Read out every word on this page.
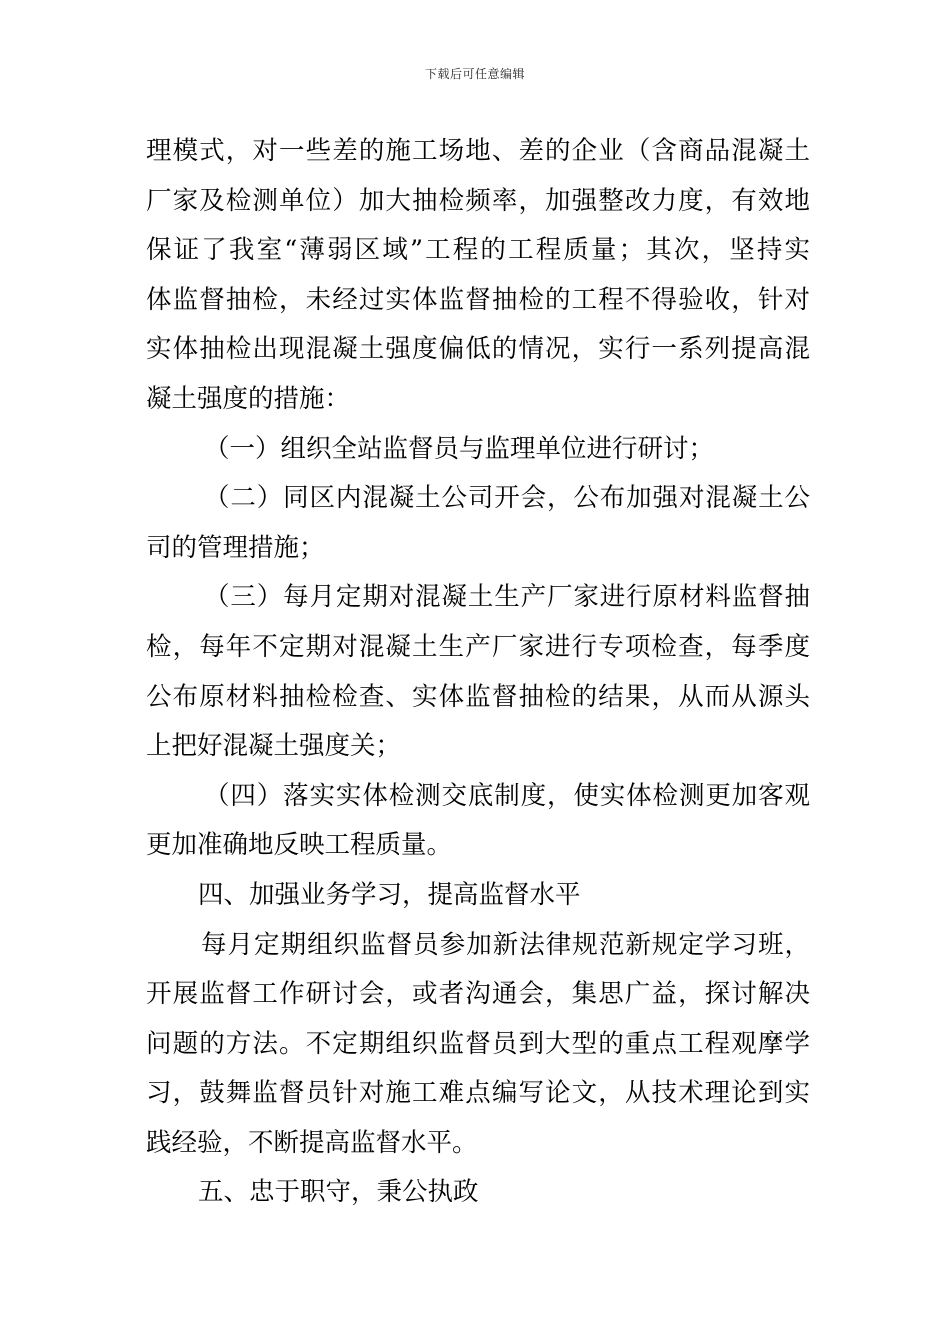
下载后可任意编辑
理模式，对一些差的施工场地、差的企业（含商品混凝土
厂家及检测单位）加大抽检频率，加强整改力度，有效地
保证了我室“薄弱区域”工程的工程质量；其次，坚持实
体监督抽检，未经过实体监督抽检的工程不得验收，针对
实体抽检出现混凝土强度偏低的情况，实行一系列提高混
凝土强度的措施：
（一）组织全站监督员与监理单位进行研讨；
（二）同区内混凝土公司开会，公布加强对混凝土公
司的管理措施；
（三）每月定期对混凝土生产厂家进行原材料监督抽
检，每年不定期对混凝土生产厂家进行专项检查，每季度
公布原材料抽检检查、实体监督抽检的结果，从而从源头
上把好混凝土强度关；
（四）落实实体检测交底制度，使实体检测更加客观
更加准确地反映工程质量。
四、加强业务学习，提高监督水平
每月定期组织监督员参加新法律规范新规定学习班，
开展监督工作研讨会，或者沟通会，集思广益，探讨解决
问题的方法。不定期组织监督员到大型的重点工程观摩学
习，鼓舞监督员针对施工难点编写论文，从技术理论到实
践经验，不断提高监督水平。
五、忠于职守，秉公执政
